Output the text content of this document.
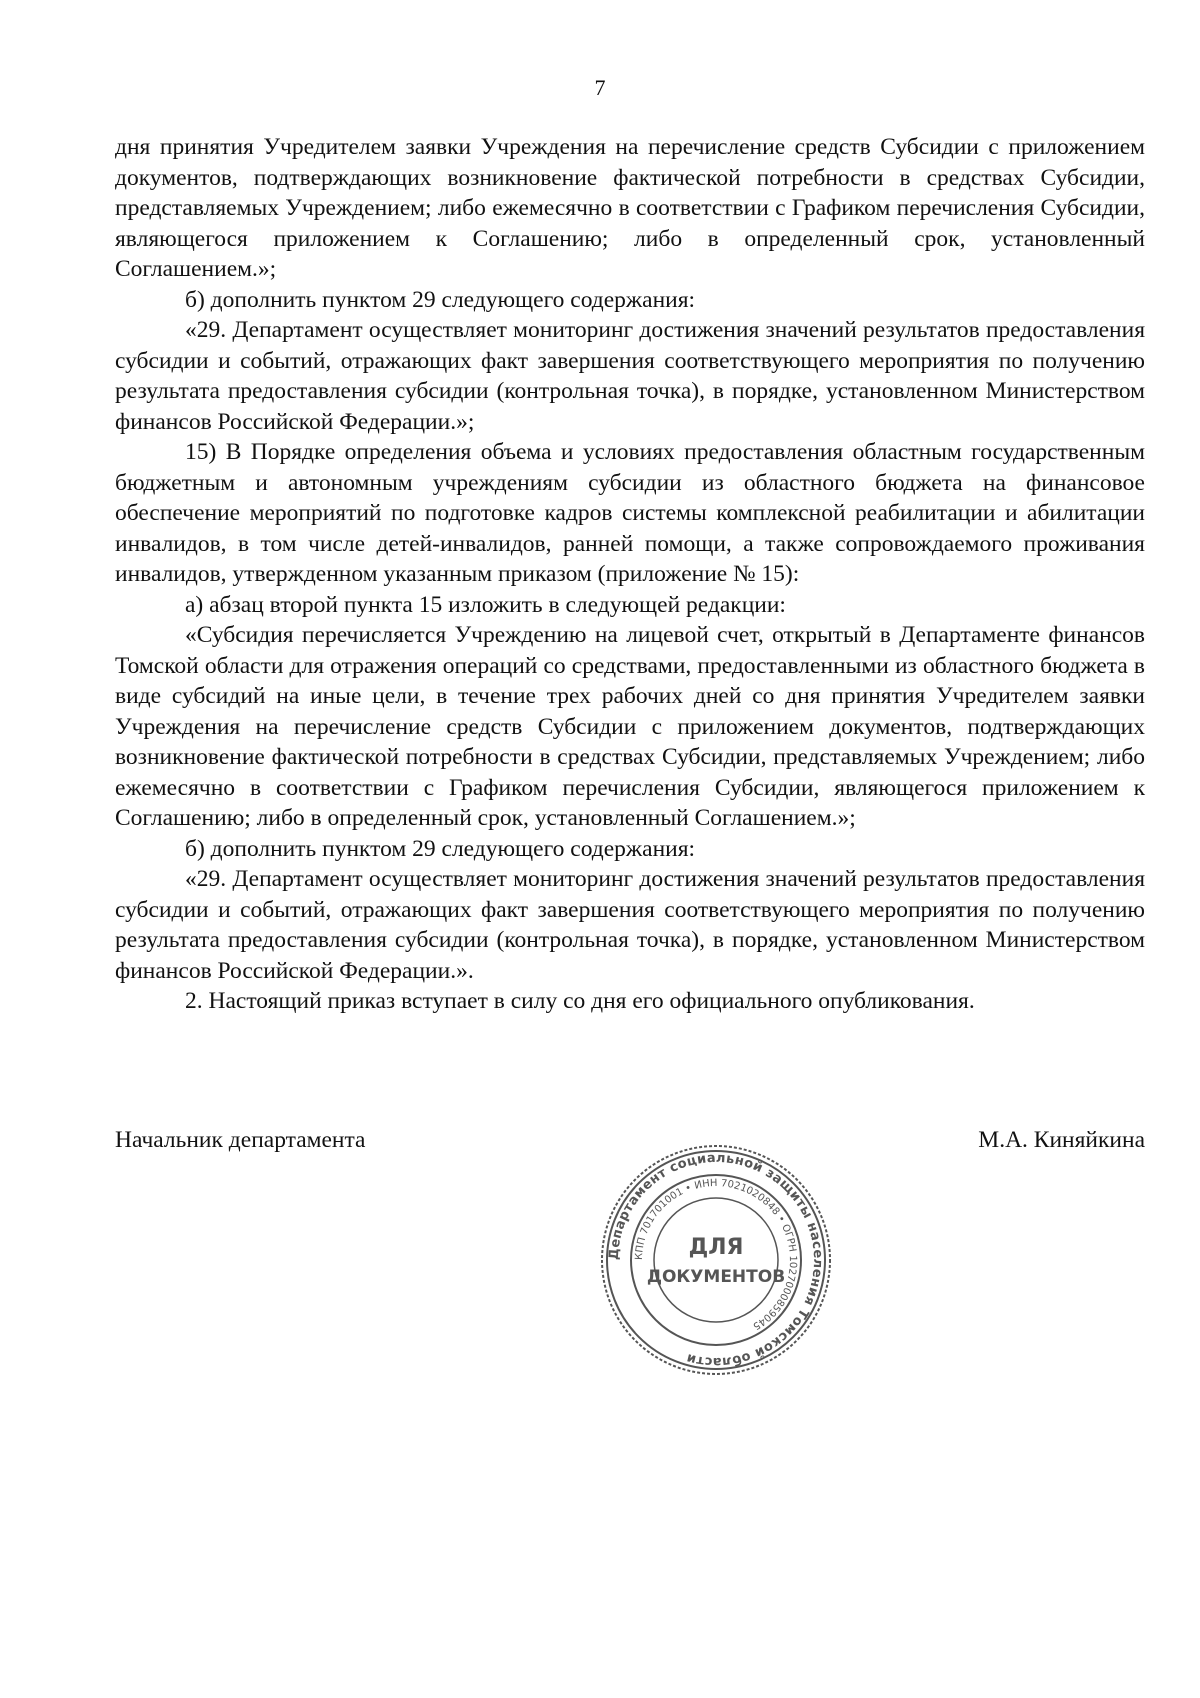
7

дня принятия Учредителем заявки Учреждения на перечисление средств Субсидии с приложением документов, подтверждающих возникновение фактической потребности в средствах Субсидии, представляемых Учреждением; либо ежемесячно в соответствии с Графиком перечисления Субсидии, являющегося приложением к Соглашению; либо в определенный срок, установленный Соглашением.»;

б) дополнить пунктом 29 следующего содержания:

«29. Департамент осуществляет мониторинг достижения значений результатов предоставления субсидии и событий, отражающих факт завершения соответствующего мероприятия по получению результата предоставления субсидии (контрольная точка), в порядке, установленном Министерством финансов Российской Федерации.»;

15) В Порядке определения объема и условиях предоставления областным государственным бюджетным и автономным учреждениям субсидии из областного бюджета на финансовое обеспечение мероприятий по подготовке кадров системы комплексной реабилитации и абилитации инвалидов, в том числе детей-инвалидов, ранней помощи, а также сопровождаемого проживания инвалидов, утвержденном указанным приказом (приложение № 15):

а) абзац второй пункта 15 изложить в следующей редакции:

«Субсидия перечисляется Учреждению на лицевой счет, открытый в Департаменте финансов Томской области для отражения операций со средствами, предоставленными из областного бюджета в виде субсидий на иные цели, в течение трех рабочих дней со дня принятия Учредителем заявки Учреждения на перечисление средств Субсидии с приложением документов, подтверждающих возникновение фактической потребности в средствах Субсидии, представляемых Учреждением; либо ежемесячно в соответствии с Графиком перечисления Субсидии, являющегося приложением к Соглашению; либо в определенный срок, установленный Соглашением.»;

б) дополнить пунктом 29 следующего содержания:

«29. Департамент осуществляет мониторинг достижения значений результатов предоставления субсидии и событий, отражающих факт завершения соответствующего мероприятия по получению результата предоставления субсидии (контрольная точка), в порядке, установленном Министерством финансов Российской Федерации.».

2. Настоящий приказ вступает в силу со дня его официального опубликования.

Начальник департамента	М.А. Киняйкина
Департамент социальной защиты населения Томской области
КПП 701701001 • ИНН 7021020848 • ОГРН 1027000859045
ДЛЯ
ДОКУМЕНТОВ
